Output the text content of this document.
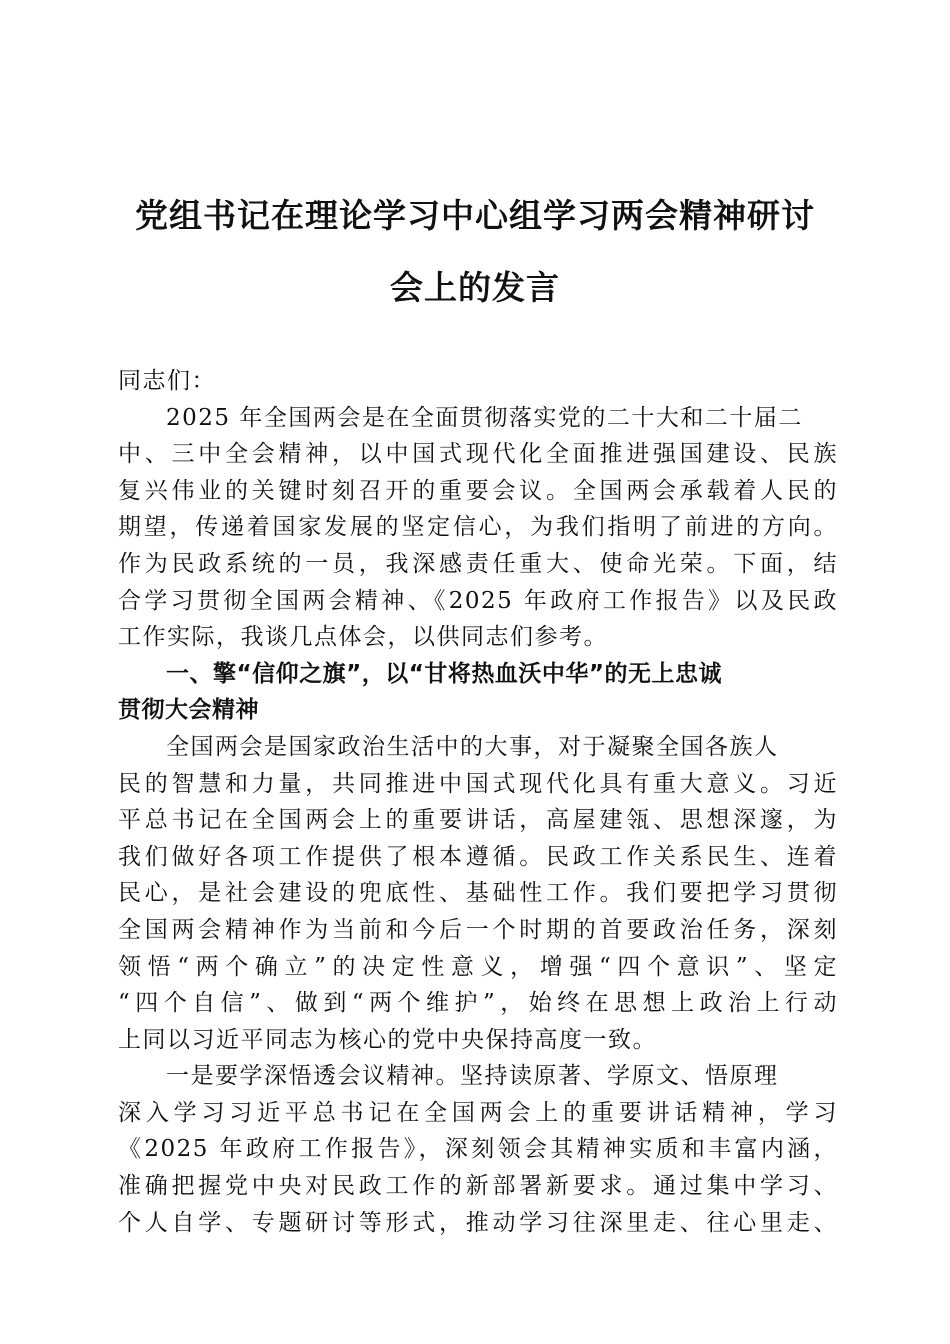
党组书记在理论学习中心组学习两会精神研讨
会上的发言
同志们：
2025 年全国两会是在全面贯彻落实党的二十大和二十届二
中、三中全会精神，以中国式现代化全面推进强国建设、民族
复兴伟业的关键时刻召开的重要会议。全国两会承载着人民的
期望，传递着国家发展的坚定信心，为我们指明了前进的方向。
作为民政系统的一员，我深感责任重大、使命光荣。下面，结
合学习贯彻全国两会精神、《2025 年政府工作报告》以及民政
工作实际，我谈几点体会，以供同志们参考。
一、擎“信仰之旗”，以“甘将热血沃中华”的无上忠诚
贯彻大会精神
全国两会是国家政治生活中的大事，对于凝聚全国各族人
民的智慧和力量，共同推进中国式现代化具有重大意义。习近
平总书记在全国两会上的重要讲话，高屋建瓴、思想深邃，为
我们做好各项工作提供了根本遵循。民政工作关系民生、连着
民心，是社会建设的兜底性、基础性工作。我们要把学习贯彻
全国两会精神作为当前和今后一个时期的首要政治任务，深刻
领悟“两个确立”的决定性意义，增强“四个意识”、坚定
“四个自信”、做到“两个维护”，始终在思想上政治上行动
上同以习近平同志为核心的党中央保持高度一致。
一是要学深悟透会议精神。坚持读原著、学原文、悟原理
深入学习习近平总书记在全国两会上的重要讲话精神，学习
《2025 年政府工作报告》，深刻领会其精神实质和丰富内涵，
准确把握党中央对民政工作的新部署新要求。通过集中学习、
个人自学、专题研讨等形式，推动学习往深里走、往心里走、
